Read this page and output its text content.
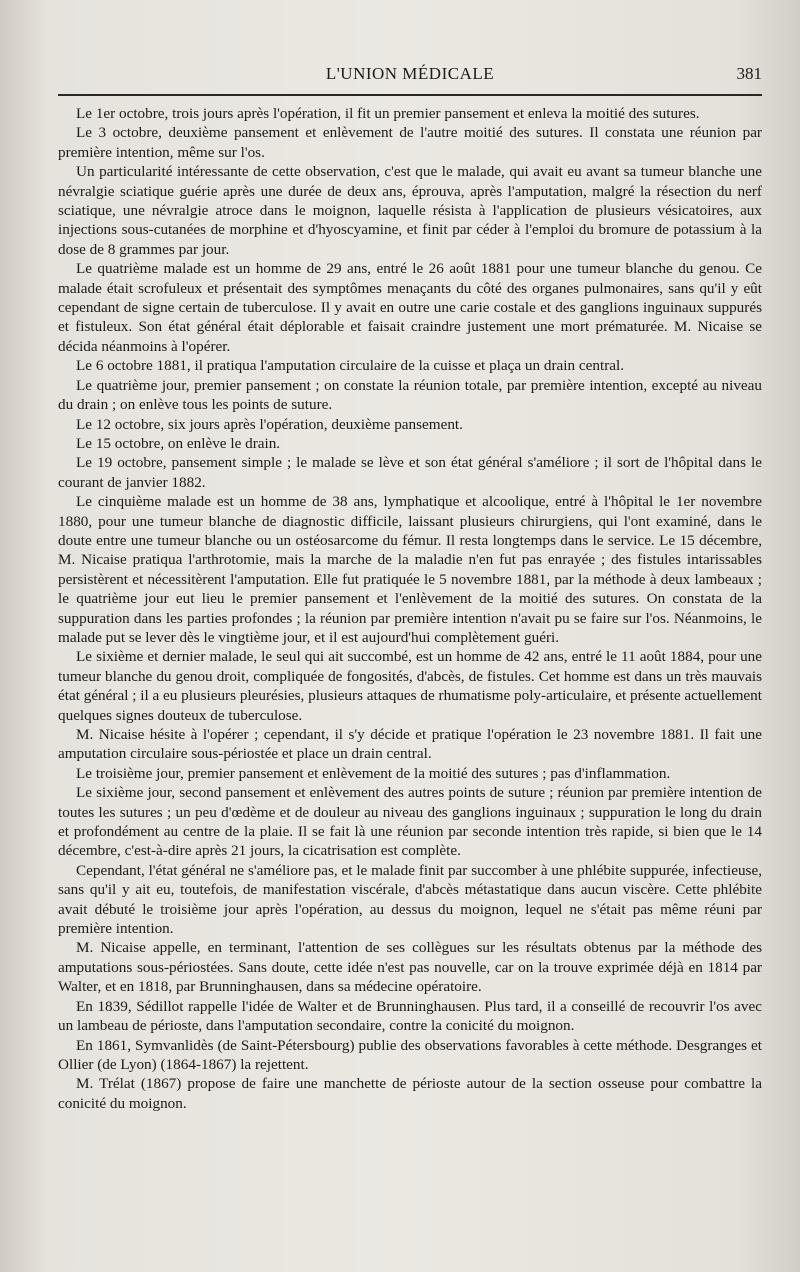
L'UNION MÉDICALE	381

Le 1er octobre, trois jours après l'opération, il fit un premier pansement et enleva la moitié des sutures.

Le 3 octobre, deuxième pansement et enlèvement de l'autre moitié des sutures. Il constata une réunion par première intention, même sur l'os.

Un particularité intéressante de cette observation, c'est que le malade, qui avait eu avant sa tumeur blanche une névralgie sciatique guérie après une durée de deux ans, éprouva, après l'amputation, malgré la résection du nerf sciatique, une névralgie atroce dans le moignon, laquelle résista à l'application de plusieurs vésicatoires, aux injections sous-cutanées de morphine et d'hyoscyamine, et finit par céder à l'emploi du bromure de potassium à la dose de 8 grammes par jour.

Le quatrième malade est un homme de 29 ans, entré le 26 août 1881 pour une tumeur blanche du genou. Ce malade était scrofuleux et présentait des symptômes menaçants du côté des organes pulmonaires, sans qu'il y eût cependant de signe certain de tuberculose. Il y avait en outre une carie costale et des ganglions inguinaux suppurés et fistuleux. Son état général était déplorable et faisait craindre justement une mort prématurée. M. Nicaise se décida néanmoins à l'opérer.

Le 6 octobre 1881, il pratiqua l'amputation circulaire de la cuisse et plaça un drain central.

Le quatrième jour, premier pansement ; on constate la réunion totale, par première intention, excepté au niveau du drain ; on enlève tous les points de suture.

Le 12 octobre, six jours après l'opération, deuxième pansement.

Le 15 octobre, on enlève le drain.

Le 19 octobre, pansement simple ; le malade se lève et son état général s'améliore ; il sort de l'hôpital dans le courant de janvier 1882.

Le cinquième malade est un homme de 38 ans, lymphatique et alcoolique, entré à l'hôpital le 1er novembre 1880, pour une tumeur blanche de diagnostic difficile, laissant plusieurs chirurgiens, qui l'ont examiné, dans le doute entre une tumeur blanche ou un ostéosarcome du fémur. Il resta longtemps dans le service. Le 15 décembre, M. Nicaise pratiqua l'arthrotomie, mais la marche de la maladie n'en fut pas enrayée ; des fistules intarissables persistèrent et nécessitèrent l'amputation. Elle fut pratiquée le 5 novembre 1881, par la méthode à deux lambeaux ; le quatrième jour eut lieu le premier pansement et l'enlèvement de la moitié des sutures. On constata de la suppuration dans les parties profondes ; la réunion par première intention n'avait pu se faire sur l'os. Néanmoins, le malade put se lever dès le vingtième jour, et il est aujourd'hui complètement guéri.

Le sixième et dernier malade, le seul qui ait succombé, est un homme de 42 ans, entré le 11 août 1884, pour une tumeur blanche du genou droit, compliquée de fongosités, d'abcès, de fistules. Cet homme est dans un très mauvais état général ; il a eu plusieurs pleurésies, plusieurs attaques de rhumatisme poly-articulaire, et présente actuellement quelques signes douteux de tuberculose.

M. Nicaise hésite à l'opérer ; cependant, il s'y décide et pratique l'opération le 23 novembre 1881. Il fait une amputation circulaire sous-périostée et place un drain central.

Le troisième jour, premier pansement et enlèvement de la moitié des sutures ; pas d'inflammation.

Le sixième jour, second pansement et enlèvement des autres points de suture ; réunion par première intention de toutes les sutures ; un peu d'œdème et de douleur au niveau des ganglions inguinaux ; suppuration le long du drain et profondément au centre de la plaie. Il se fait là une réunion par seconde intention très rapide, si bien que le 14 décembre, c'est-à-dire après 21 jours, la cicatrisation est complète.

Cependant, l'état général ne s'améliore pas, et le malade finit par succomber à une phlébite suppurée, infectieuse, sans qu'il y ait eu, toutefois, de manifestation viscérale, d'abcès métastatique dans aucun viscère. Cette phlébite avait débuté le troisième jour après l'opération, au dessus du moignon, lequel ne s'était pas même réuni par première intention.

M. Nicaise appelle, en terminant, l'attention de ses collègues sur les résultats obtenus par la méthode des amputations sous-périostées. Sans doute, cette idée n'est pas nouvelle, car on la trouve exprimée déjà en 1814 par Walter, et en 1818, par Brunninghausen, dans sa médecine opératoire.

En 1839, Sédillot rappelle l'idée de Walter et de Brunninghausen. Plus tard, il a conseillé de recouvrir l'os avec un lambeau de périoste, dans l'amputation secondaire, contre la conicité du moignon.

En 1861, Symvanlidès (de Saint-Pétersbourg) publie des observations favorables à cette méthode. Desgranges et Ollier (de Lyon) (1864-1867) la rejettent.

M. Trélat (1867) propose de faire une manchette de périoste autour de la section osseuse pour combattre la conicité du moignon.
